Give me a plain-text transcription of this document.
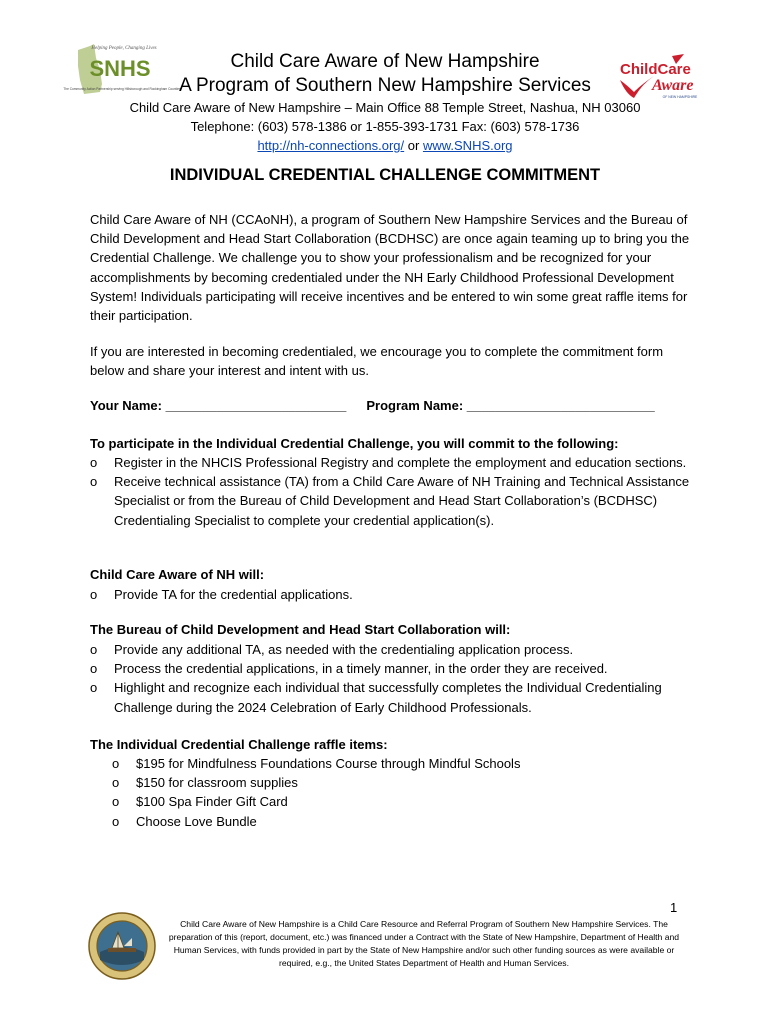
Helping People, Changing Lives
SNHS
The Community Action Partnership serving Hillsborough and Rockingham Counties
ChildCare
Aware
OF NEW HAMPSHIRE
Child Care Aware of New Hampshire
A Program of Southern New Hampshire Services
Child Care Aware of New Hampshire – Main Office 88 Temple Street, Nashua, NH 03060
Telephone: (603) 578-1386 or 1-855-393-1731 Fax: (603) 578-1736
http://nh-connections.org/ or www.SNHS.org
INDIVIDUAL CREDENTIAL CHALLENGE COMMITMENT
Child Care Aware of NH (CCAoNH), a program of Southern New Hampshire Services and the Bureau of Child Development and Head Start Collaboration (BCDHSC) are once again teaming up to bring you the Credential Challenge. We challenge you to show your professionalism and be recognized for your accomplishments by becoming credentialed under the NH Early Childhood Professional Development System! Individuals participating will receive incentives and be entered to win some great raffle items for their participation.
If you are interested in becoming credentialed, we encourage you to complete the commitment form below and share your interest and intent with us.
Your Name: _________________________ Program Name: __________________________
To participate in the Individual Credential Challenge, you will commit to the following:
o Register in the NHCIS Professional Registry and complete the employment and education sections.
o Receive technical assistance (TA) from a Child Care Aware of NH Training and Technical Assistance Specialist or from the Bureau of Child Development and Head Start Collaboration’s (BCDHSC) Credentialing Specialist to complete your credential application(s).
Child Care Aware of NH will:
o Provide TA for the credential applications.
The Bureau of Child Development and Head Start Collaboration will:
o Provide any additional TA, as needed with the credentialing application process.
o Process the credential applications, in a timely manner, in the order they are received.
o Highlight and recognize each individual that successfully completes the Individual Credentialing Challenge during the 2024 Celebration of Early Childhood Professionals.
The Individual Credential Challenge raffle items:
o $195 for Mindfulness Foundations Course through Mindful Schools
o $150 for classroom supplies
o $100 Spa Finder Gift Card
o Choose Love Bundle
1
Child Care Aware of New Hampshire is a Child Care Resource and Referral Program of Southern New Hampshire Services. The preparation of this (report, document, etc.) was financed under a Contract with the State of New Hampshire, Department of Health and Human Services, with funds provided in part by the State of New Hampshire and/or such other funding sources as were available or required, e.g., the United States Department of Health and Human Services.
